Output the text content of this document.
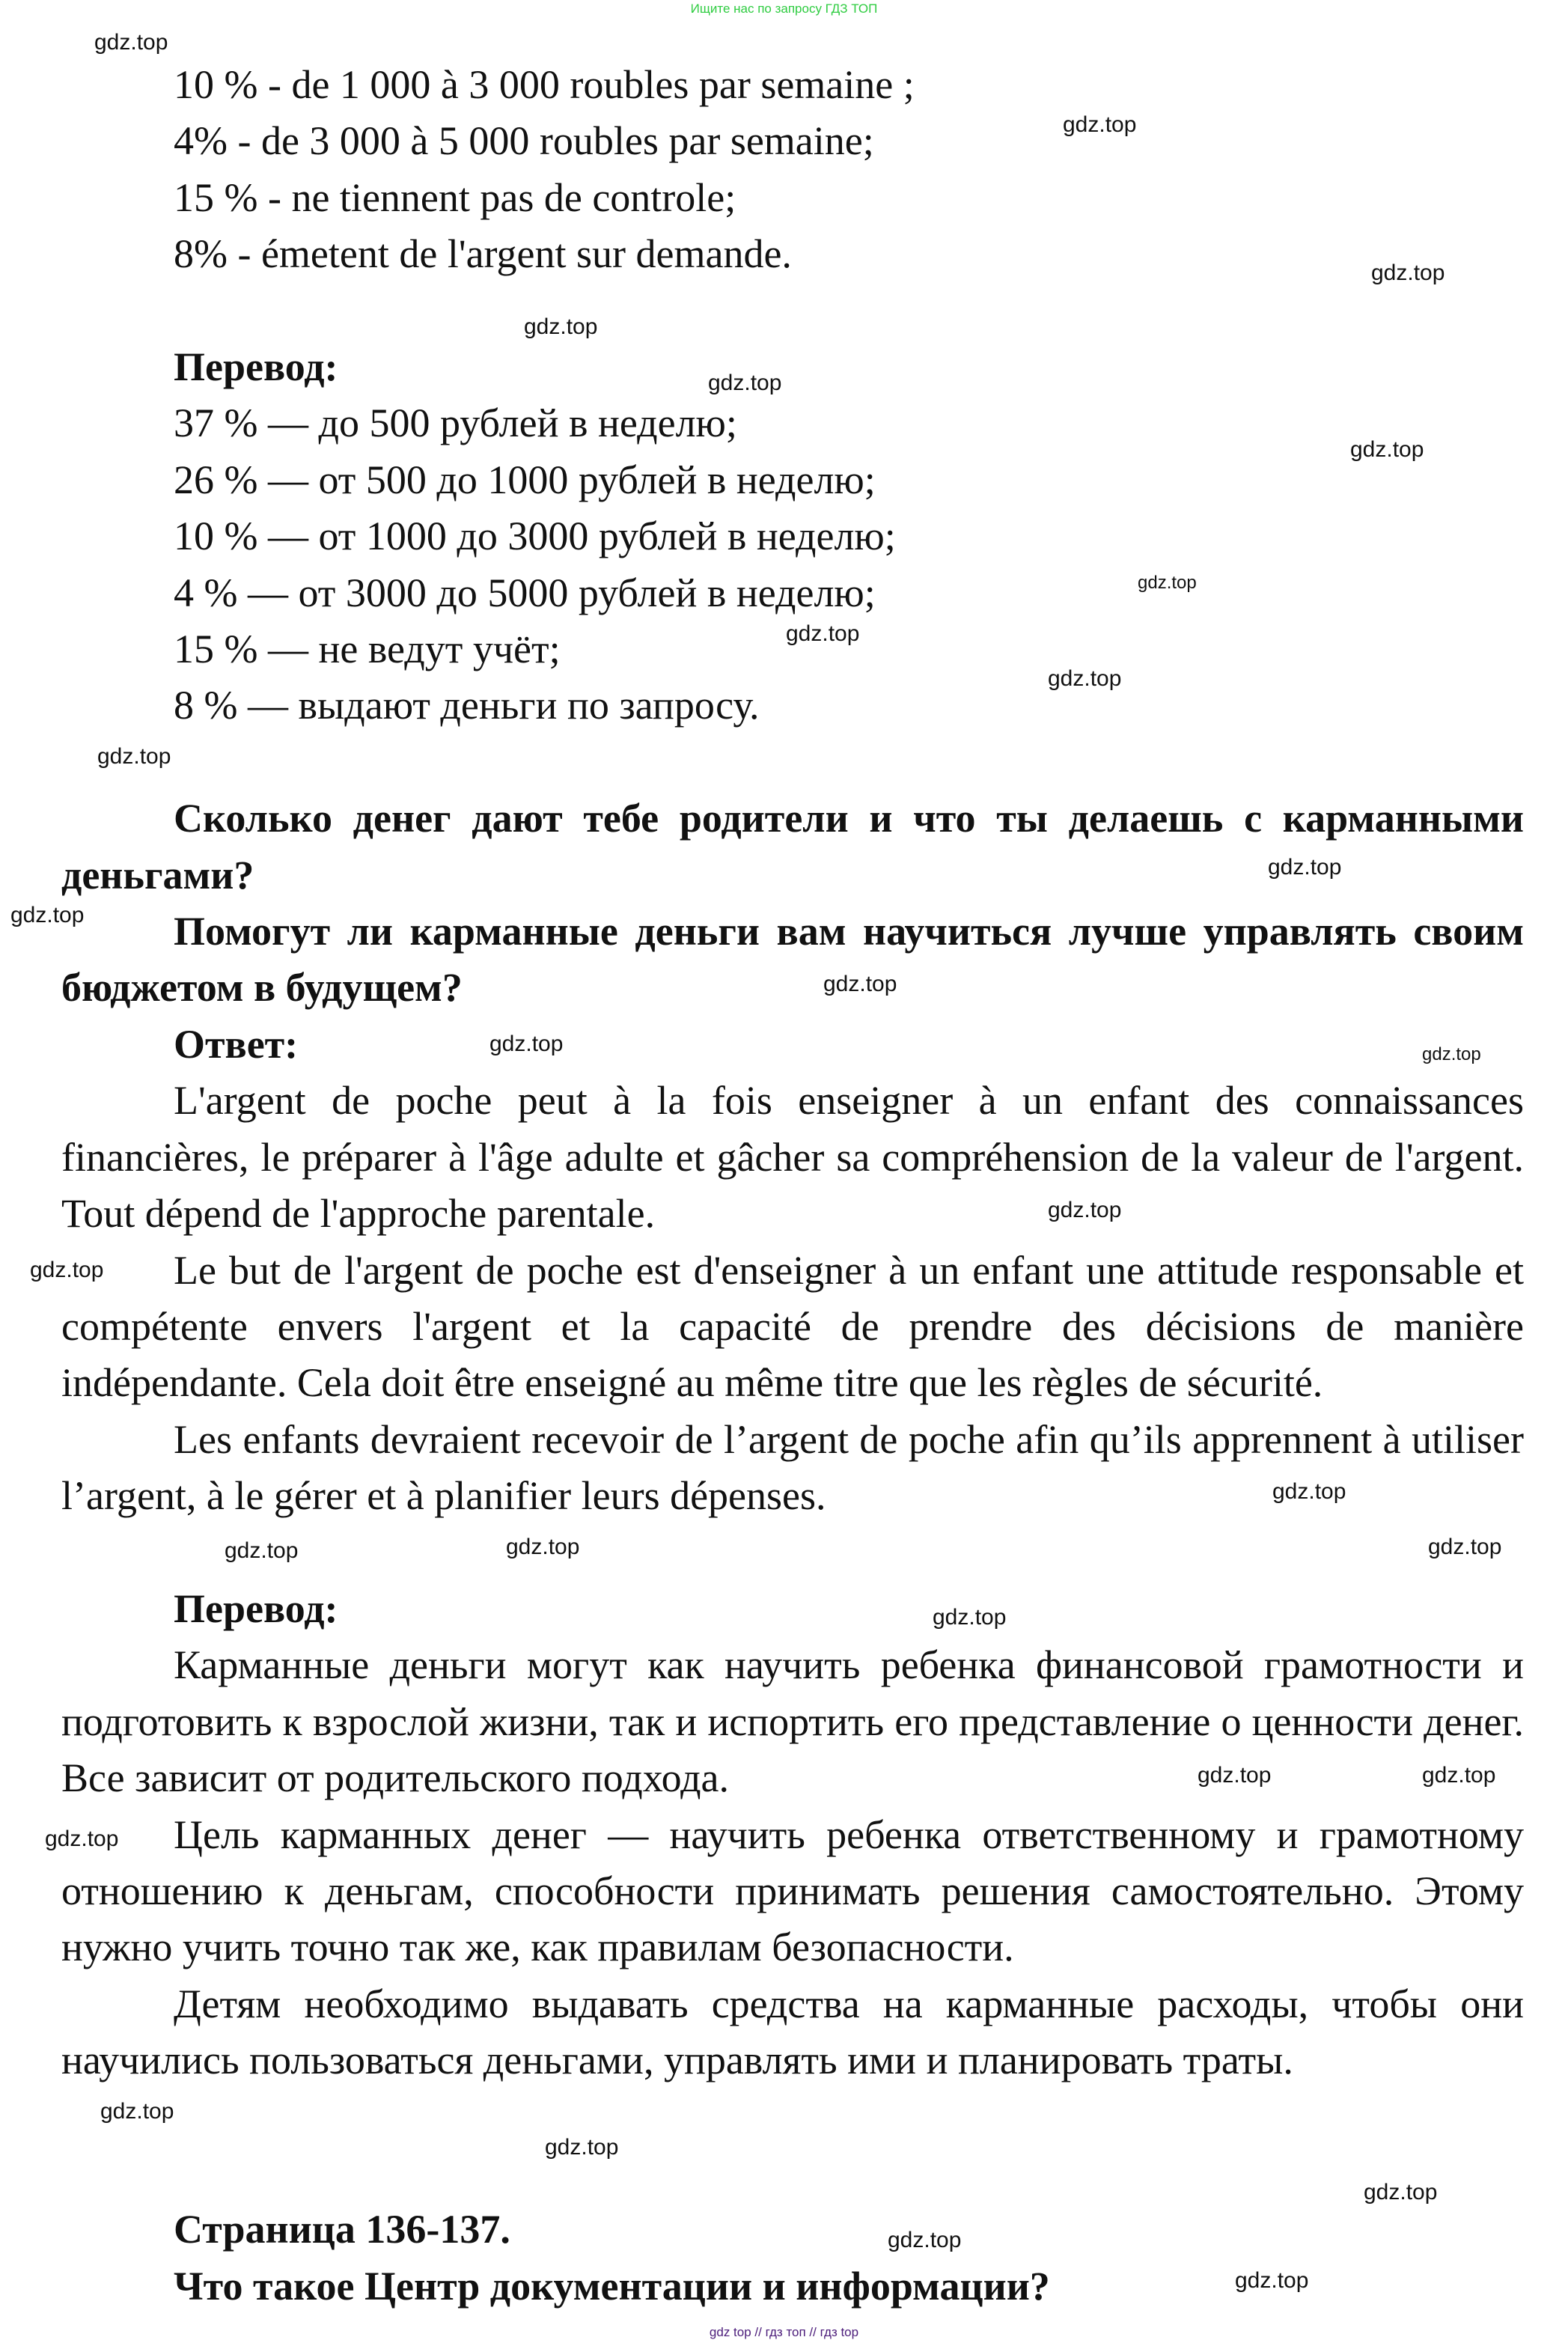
Ищите нас по запросу ГДЗ ТОП
10 % - de 1 000 à 3 000 roubles par semaine ;
4% - de 3 000 à 5 000 roubles par semaine;
15 % - ne tiennent pas de controle;
8% - émetent de l'argent sur demande.
Перевод:
37 % — до 500 рублей в неделю;
26 % — от 500 до 1000 рублей в неделю;
10 % — от 1000 до 3000 рублей в неделю;
4 % — от 3000 до 5000 рублей в неделю;
15 % — не ведут учёт;
8 % — выдают деньги по запросу.
Сколько денег дают тебе родители и что ты делаешь с карманными деньгами?
Помогут ли карманные деньги вам научиться лучше управлять своим бюджетом в будущем?
Ответ:
L'argent de poche peut à la fois enseigner à un enfant des connaissances financières, le préparer à l'âge adulte et gâcher sa compréhension de la valeur de l'argent. Tout dépend de l'approche parentale.
Le but de l'argent de poche est d'enseigner à un enfant une attitude responsable et compétente envers l'argent et la capacité de prendre des décisions de manière indépendante. Cela doit être enseigné au même titre que les règles de sécurité.
Les enfants devraient recevoir de l’argent de poche afin qu’ils apprennent à utiliser l’argent, à le gérer et à planifier leurs dépenses.
Перевод:
Карманные деньги могут как научить ребенка финансовой грамотности и подготовить к взрослой жизни, так и испортить его представление о ценности денег. Все зависит от родительского подхода.
Цель карманных денег — научить ребенка ответственному и грамотному отношению к деньгам, способности принимать решения самостоятельно. Этому нужно учить точно так же, как правилам безопасности.
Детям необходимо выдавать средства на карманные расходы, чтобы они научились пользоваться деньгами, управлять ими и планировать траты.
Страница 136-137.
Что такое Центр документации и информации?
gdz.top
gdz.top
gdz.top
gdz.top
gdz.top
gdz.top
gdz.top
gdz.top
gdz.top
gdz.top
gdz.top
gdz.top
gdz.top
gdz.top	gdz.top
gdz.top
gdz.top
gdz.top
gdz.top
gdz.top
gdz.top
gdz.top
gdz.top	gdz.top
gdz.top
gdz.top
gdz.top
gdz.top
gdz.top
gdz.top
gdz top // гдз топ // гдз top
